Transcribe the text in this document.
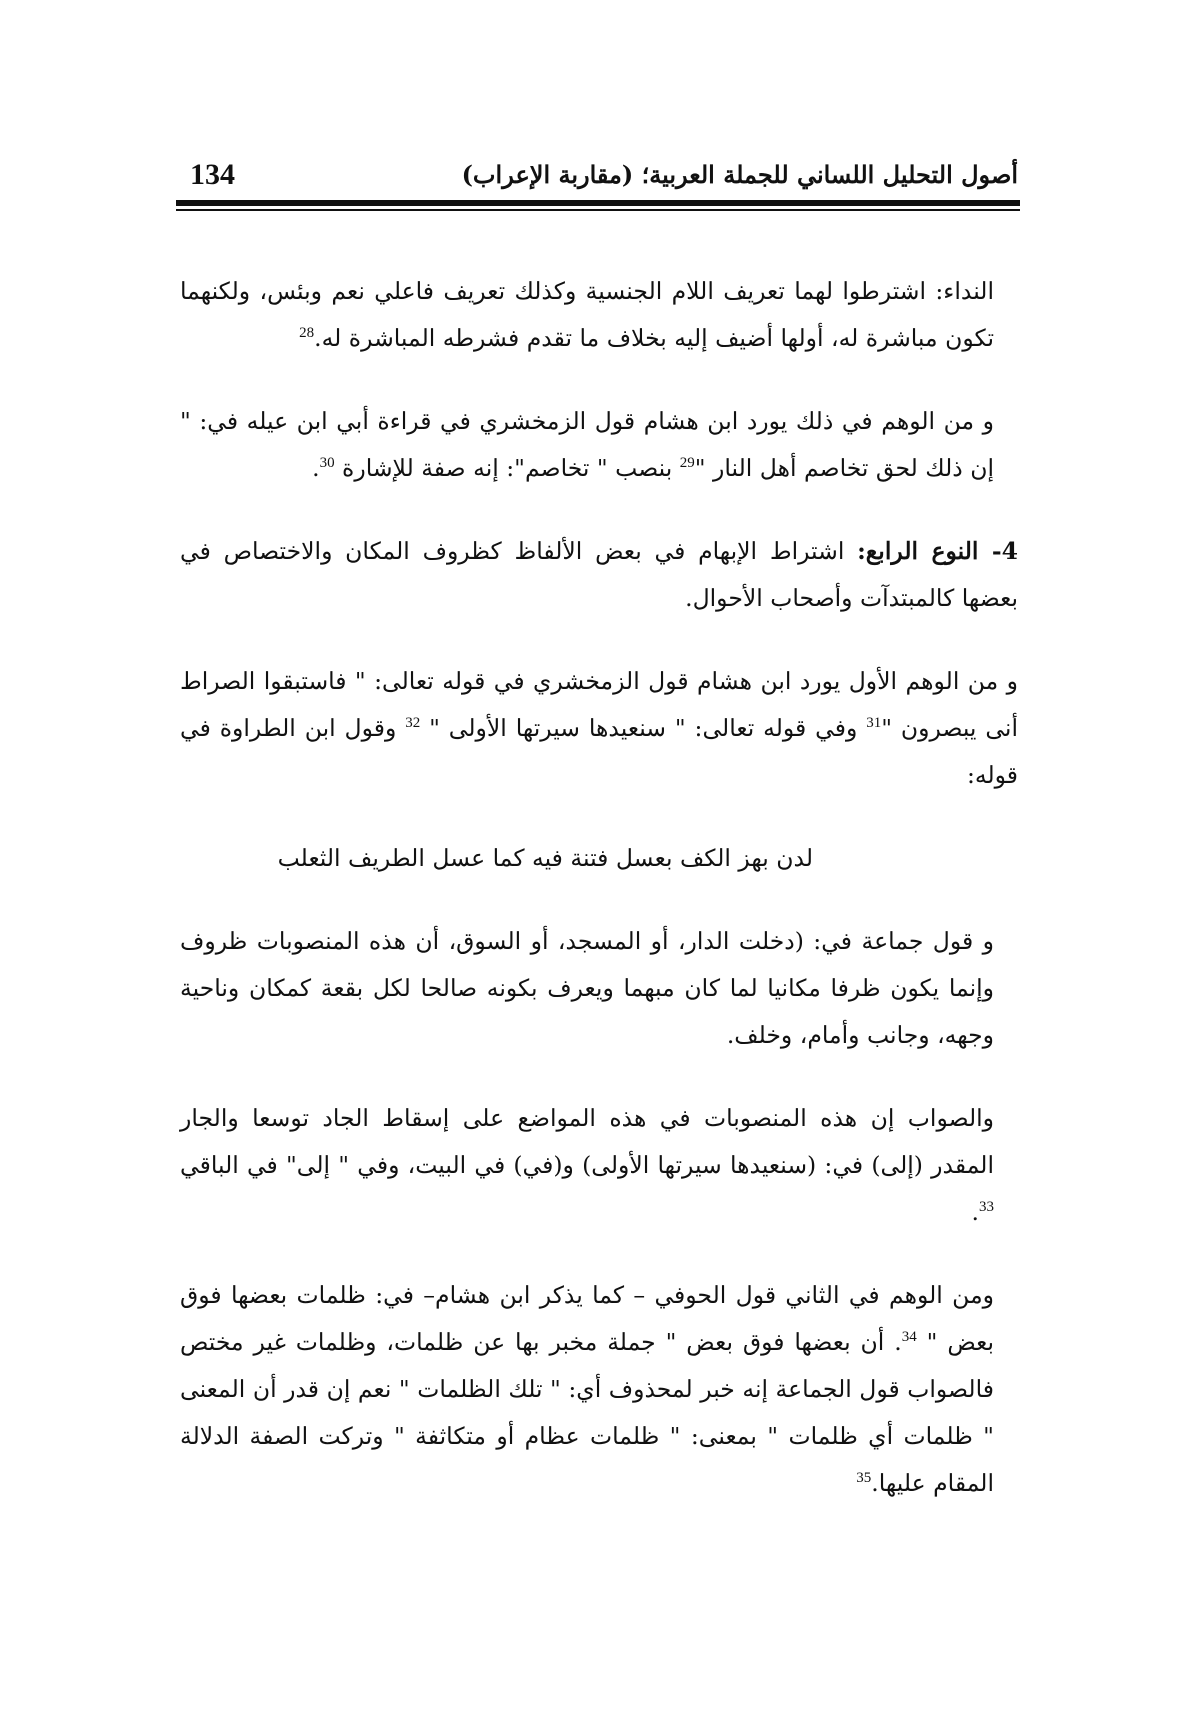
134	أصول التحليل اللساني للجملة العربية؛ (مقاربة الإعراب)

النداء: اشترطوا لهما تعريف اللام الجنسية وكذلك تعريف فاعلي نعم وبئس، ولكنهما تكون مباشرة له، أولها أضيف إليه بخلاف ما تقدم فشرطه المباشرة له.$^{28}$

و من الوهم في ذلك يورد ابن هشام قول الزمخشري في قراءة أبي ابن عيله في: " إن ذلك لحق تخاصم أهل النار "$^{29}$ بنصب " تخاصم": إنه صفة للإشارة $^{30}$.

4- النوع الرابع: اشتراط الإبهام في بعض الألفاظ كظروف المكان والاختصاص في بعضها كالمبتدآت وأصحاب الأحوال.

و من الوهم الأول يورد ابن هشام قول الزمخشري في قوله تعالى: " فاستبقوا الصراط أنى يبصرون "$^{31}$ وفي قوله تعالى: " سنعيدها سيرتها الأولى " $^{32}$ وقول ابن الطراوة في قوله:

لدن بهز الكف بعسل فتنة فيه كما عسل الطريف الثعلب

و قول جماعة في: (دخلت الدار، أو المسجد، أو السوق، أن هذه المنصوبات ظروف وإنما يكون ظرفا مكانيا لما كان مبهما ويعرف بكونه صالحا لكل بقعة كمكان وناحية وجهه، وجانب وأمام، وخلف.

والصواب إن هذه المنصوبات في هذه المواضع على إسقاط الجاد توسعا والجار المقدر (إلى) في: (سنعيدها سيرتها الأولى) و(في) في البيت، وفي " إلى" في الباقي $^{33}$.

ومن الوهم في الثاني قول الحوفي – كما يذكر ابن هشام– في: ظلمات بعضها فوق بعض " $^{34}$. أن بعضها فوق بعض " جملة مخبر بها عن ظلمات، وظلمات غير مختص فالصواب قول الجماعة إنه خبر لمحذوف أي: " تلك الظلمات " نعم إن قدر أن المعنى " ظلمات أي ظلمات " بمعنى: " ظلمات عظام أو متكاثفة " وتركت الصفة الدلالة المقام عليها.$^{35}$
